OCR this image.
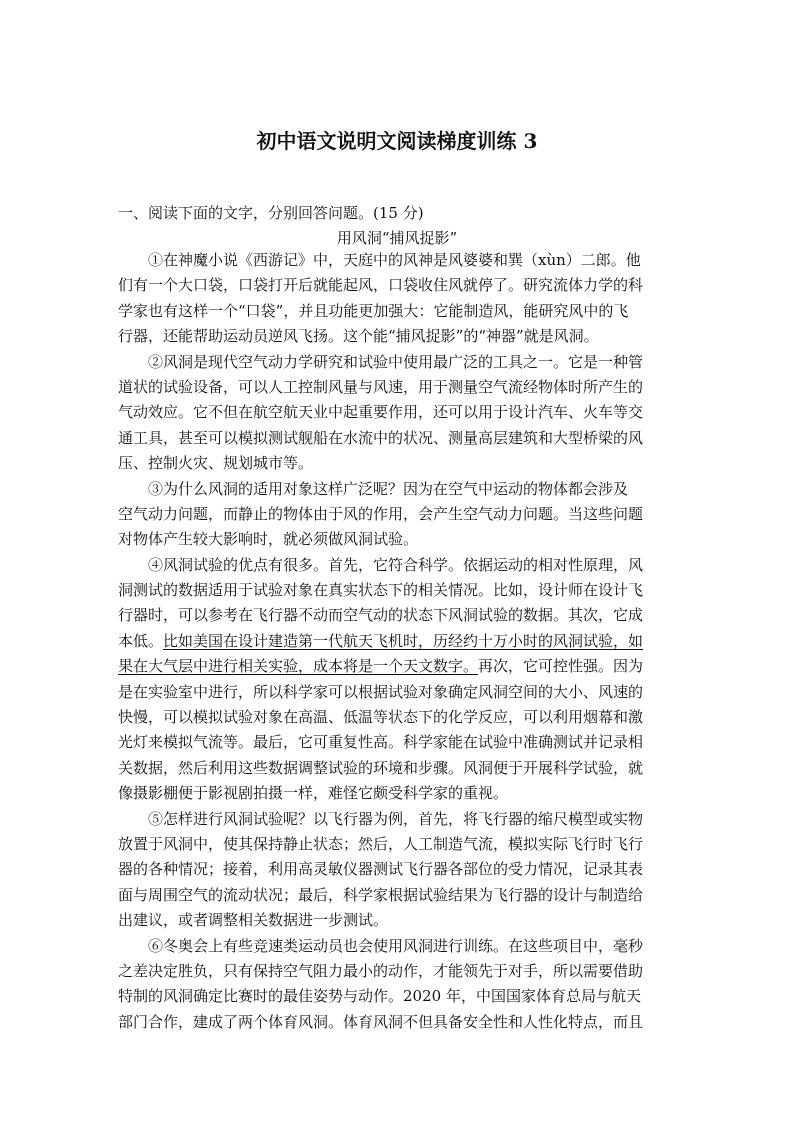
初中语文说明文阅读梯度训练 3

一、阅读下面的文字，分别回答问题。(15 分)

用风洞“捕风捉影”

①在神魔小说《西游记》中，天庭中的风神是风婆婆和巽（xùn）二郎。他
们有一个大口袋，口袋打开后就能起风，口袋收住风就停了。研究流体力学的科
学家也有这样一个“口袋”，并且功能更加强大：它能制造风，能研究风中的飞
行器，还能帮助运动员逆风飞扬。这个能“捕风捉影”的“神器”就是风洞。

②风洞是现代空气动力学研究和试验中使用最广泛的工具之一。它是一种管
道状的试验设备，可以人工控制风量与风速，用于测量空气流经物体时所产生的
气动效应。它不但在航空航天业中起重要作用，还可以用于设计汽车、火车等交
通工具，甚至可以模拟测试舰船在水流中的状况、测量高层建筑和大型桥梁的风
压、控制火灾、规划城市等。

③为什么风洞的适用对象这样广泛呢？因为在空气中运动的物体都会涉及
空气动力问题，而静止的物体由于风的作用，会产生空气动力问题。当这些问题
对物体产生较大影响时，就必须做风洞试验。

④风洞试验的优点有很多。首先，它符合科学。依据运动的相对性原理，风
洞测试的数据适用于试验对象在真实状态下的相关情况。比如，设计师在设计飞
行器时，可以参考在飞行器不动而空气动的状态下风洞试验的数据。其次，它成
本低。比如美国在设计建造第一代航天飞机时，历经约十万小时的风洞试验，如
果在大气层中进行相关实验，成本将是一个天文数字。再次，它可控性强。因为
是在实验室中进行，所以科学家可以根据试验对象确定风洞空间的大小、风速的
快慢，可以模拟试验对象在高温、低温等状态下的化学反应，可以利用烟幕和激
光灯来模拟气流等。最后，它可重复性高。科学家能在试验中准确测试并记录相
关数据，然后利用这些数据调整试验的环境和步骤。风洞便于开展科学试验，就
像摄影棚便于影视剧拍摄一样，难怪它颇受科学家的重视。

⑤怎样进行风洞试验呢？以飞行器为例，首先，将飞行器的缩尺模型或实物
放置于风洞中，使其保持静止状态；然后，人工制造气流，模拟实际飞行时飞行
器的各种情况；接着，利用高灵敏仪器测试飞行器各部位的受力情况，记录其表
面与周围空气的流动状况；最后，科学家根据试验结果为飞行器的设计与制造给
出建议，或者调整相关数据进一步测试。

⑥冬奥会上有些竞速类运动员也会使用风洞进行训练。在这些项目中，毫秒
之差决定胜负，只有保持空气阻力最小的动作，才能领先于对手，所以需要借助
特制的风洞确定比赛时的最佳姿势与动作。2020 年，中国国家体育总局与航天
部门合作，建成了两个体育风洞。体育风洞不但具备安全性和人性化特点，而且
